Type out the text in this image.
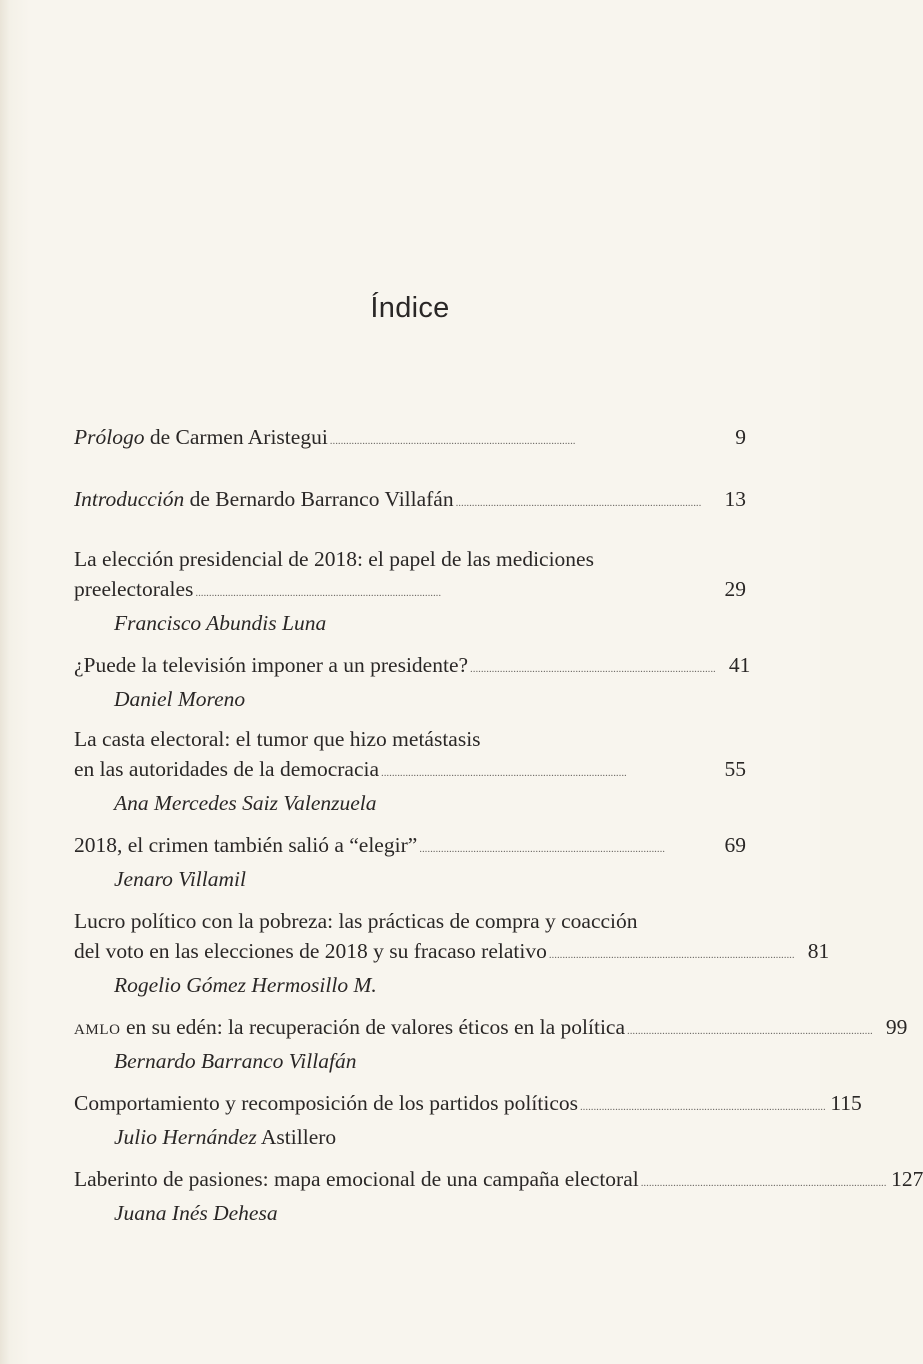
Índice
Prólogo de Carmen Aristegui . . .	9
Introducción de Bernardo Barranco Villafán . . .	13
La elección presidencial de 2018: el papel de las mediciones
preelectorales . . .	29
Francisco Abundis Luna
¿Puede la televisión imponer a un presidente? . . .	41
Daniel Moreno
La casta electoral: el tumor que hizo metástasis
en las autoridades de la democracia . . .	55
Ana Mercedes Saiz Valenzuela
2018, el crimen también salió a “elegir” . . .	69
Jenaro Villamil
Lucro político con la pobreza: las prácticas de compra y coacción
del voto en las elecciones de 2018 y su fracaso relativo . . .	81
Rogelio Gómez Hermosillo M.
amlo en su edén: la recuperación de valores éticos en la política . . .	99
Bernardo Barranco Villafán
Comportamiento y recomposición de los partidos políticos . . .	115
Julio Hernández Astillero
Laberinto de pasiones: mapa emocional de una campaña electoral . . .	127
Juana Inés Dehesa
